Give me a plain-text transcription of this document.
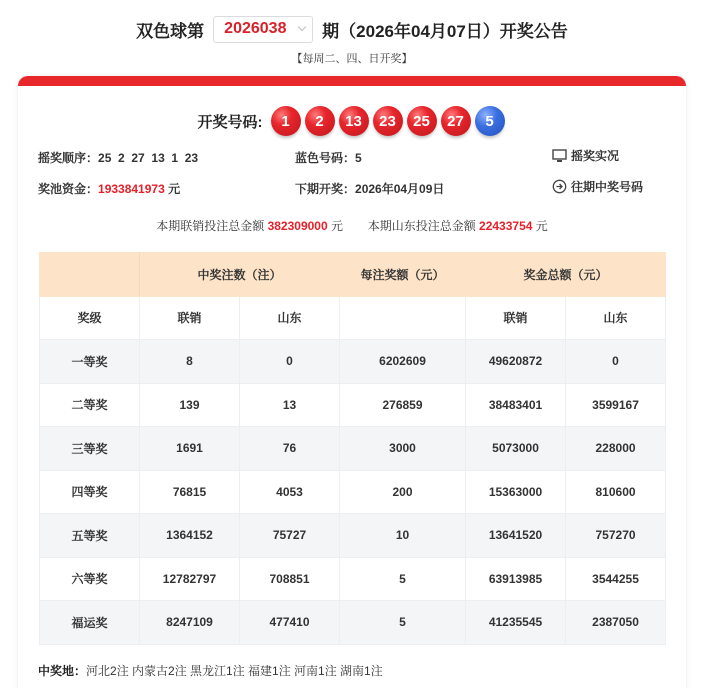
双色球第 2026038 期（2026年04月07日）开奖公告
【每周二、四、日开奖】
开奖号码:	1	2	13	23	25	27	5
摇奖顺序：25  2  27  13  1  23	蓝色号码：5	摇奖实况
奖池资金：1933841973 元	下期开奖：2026年04月09日	往期中奖号码
本期联销投注总金额 382309000 元 本期山东投注总金额 22433754 元
	中奖注数（注）		每注奖额（元）	奖金总额（元）	
奖级	联销	山东		联销	山东
一等奖	8	0	6202609	49620872	0
二等奖	139	13	276859	38483401	3599167
三等奖	1691	76	3000	5073000	228000
四等奖	76815	4053	200	15363000	810600
五等奖	1364152	75727	10	13641520	757270
六等奖	12782797	708851	5	63913985	3544255
福运奖	8247109	477410	5	41235545	2387050
中奖地：河北2注 内蒙古2注 黑龙江1注 福建1注 河南1注 湖南1注
